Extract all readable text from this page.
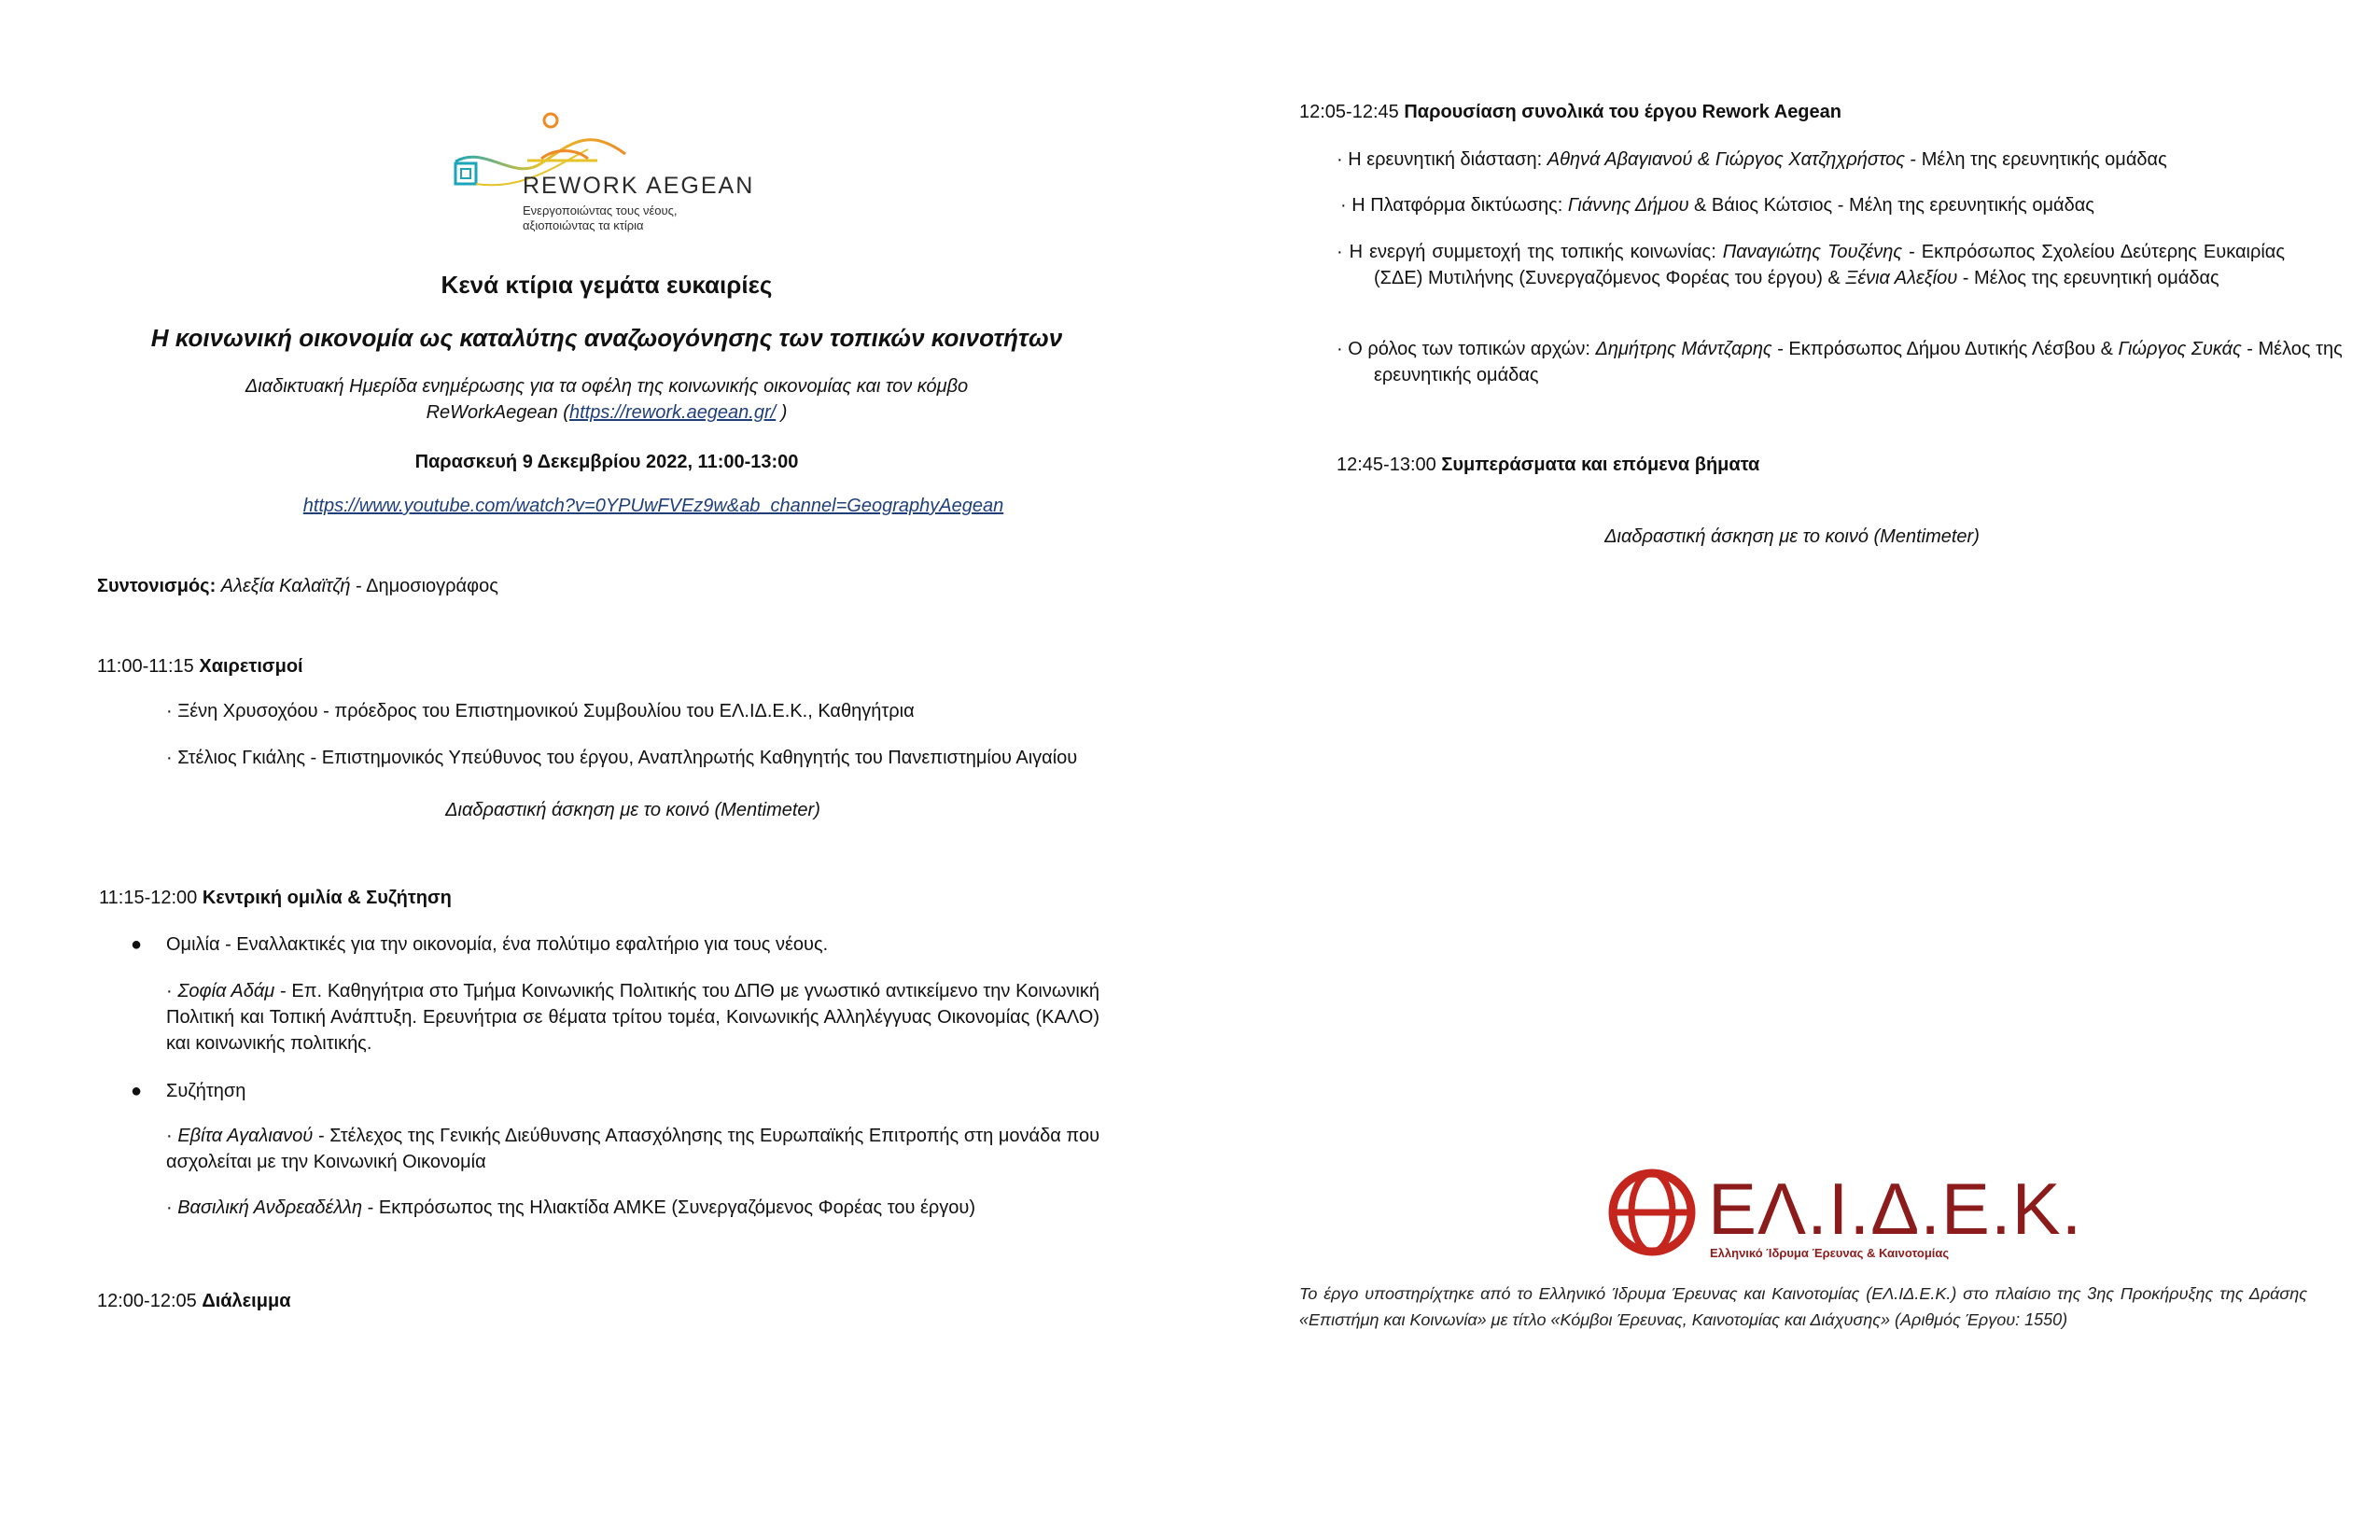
REWORK AEGEAN
Ενεργοποιώντας τους νέους,
αξιοποιώντας τα κτίρια
Κενά κτίρια γεμάτα ευκαιρίες
Η κοινωνική οικονομία ως καταλύτης αναζωογόνησης των τοπικών κοινοτήτων
Διαδικτυακή Ημερίδα ενημέρωσης για τα οφέλη της κοινωνικής οικονομίας και τον κόμβο
ReWorkAegean (https://rework.aegean.gr/ )
Παρασκευή 9 Δεκεμβρίου 2022, 11:00-13:00
https://www.youtube.com/watch?v=0YPUwFVEz9w&ab_channel=GeographyAegean
Συντονισμός: Αλεξία Καλαϊτζή - Δημοσιογράφος
11:00-11:15 Χαιρετισμοί
· Ξένη Χρυσοχόου - πρόεδρος του Επιστημονικού Συμβουλίου του ΕΛ.ΙΔ.Ε.Κ., Καθηγήτρια
· Στέλιος Γκιάλης - Επιστημονικός Υπεύθυνος του έργου, Αναπληρωτής Καθηγητής του Πανεπιστημίου Αιγαίου
Διαδραστική άσκηση με το κοινό (Mentimeter)
11:15-12:00 Κεντρική ομιλία & Συζήτηση
● Ομιλία - Εναλλακτικές για την οικονομία, ένα πολύτιμο εφαλτήριο για τους νέους.
· Σοφία Αδάμ - Επ. Καθηγήτρια στο Τμήμα Κοινωνικής Πολιτικής του ΔΠΘ με γνωστικό αντικείμενο την Κοινωνική Πολιτική και Τοπική Ανάπτυξη. Ερευνήτρια σε θέματα τρίτου τομέα, Κοινωνικής Αλληλέγγυας Οικονομίας (ΚΑΛΟ) και κοινωνικής πολιτικής.
● Συζήτηση
· Εβίτα Αγαλιανού - Στέλεχος της Γενικής Διεύθυνσης Απασχόλησης της Ευρωπαϊκής Επιτροπής στη μονάδα που ασχολείται με την Κοινωνική Οικονομία
· Βασιλική Ανδρεαδέλλη - Εκπρόσωπος της Ηλιακτίδα ΑΜΚΕ (Συνεργαζόμενος Φορέας του έργου)
12:00-12:05 Διάλειμμα
12:05-12:45 Παρουσίαση συνολικά του έργου Rework Aegean
· Η ερευνητική διάσταση: Αθηνά Αβαγιανού & Γιώργος Χατζηχρήστος - Μέλη της ερευνητικής ομάδας
· Η Πλατφόρμα δικτύωσης: Γιάννης Δήμου & Βάιος Κώτσιος - Μέλη της ερευνητικής ομάδας
· Η ενεργή συμμετοχή της τοπικής κοινωνίας: Παναγιώτης Τουζένης - Εκπρόσωπος Σχολείου Δεύτερης Ευκαιρίας (ΣΔΕ) Μυτιλήνης (Συνεργαζόμενος Φορέας του έργου) & Ξένια Αλεξίου - Μέλος της ερευνητική ομάδας
· Ο ρόλος των τοπικών αρχών: Δημήτρης Μάντζαρης - Εκπρόσωπος Δήμου Δυτικής Λέσβου & Γιώργος Συκάς - Μέλος της ερευνητικής ομάδας
12:45-13:00 Συμπεράσματα και επόμενα βήματα
Διαδραστική άσκηση με το κοινό (Mentimeter)
ΕΛ.Ι.Δ.Ε.Κ.
Ελληνικό Ίδρυμα Έρευνας & Καινοτομίας
Το έργο υποστηρίχτηκε από το Ελληνικό Ίδρυμα Έρευνας και Καινοτομίας (ΕΛ.ΙΔ.Ε.Κ.) στο πλαίσιο της 3ης Προκήρυξης της Δράσης «Επιστήμη και Κοινωνία» με τίτλο «Κόμβοι Έρευνας, Καινοτομίας και Διάχυσης» (Αριθμός Έργου: 1550)
